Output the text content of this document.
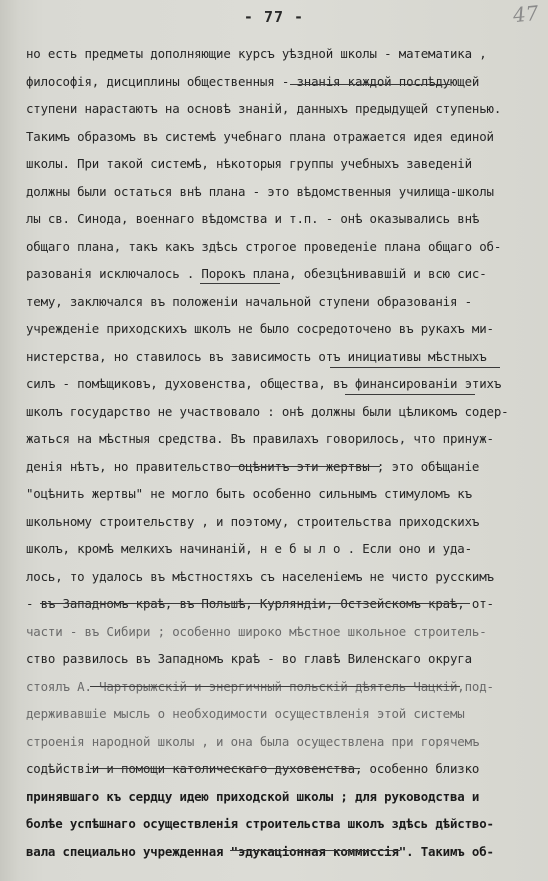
- 77 -	47
но есть предметы дополняющие курсъ уѣздной школы - математика ,
философія, дисциплины общественныя - знанія каждой послѣдующей
ступени нарастаютъ на основѣ знаній, данныхъ предыдущей ступенью.
Такимъ образомъ въ системѣ учебнаго плана отражается идея единой
школы. При такой системѣ, нѣкоторыя группы учебныхъ заведеній
должны были остаться внѣ плана - это вѣдомственныя училища-школы
лы св. Синода, военнаго вѣдомства и т.п. - онѣ оказывались внѣ
общаго плана, такъ какъ здѣсь строгое проведеніе плана общаго об-
разованія исключалось . Порокъ плана, обезцѣнивавшій и всю сис-
тему, заключался въ положеніи начальной ступени образованія -
учрежденіе приходскихъ школъ не было сосредоточено въ рукахъ ми-
нистерства, но ставилось въ зависимость отъ инициативы мѣстныхъ
силъ - помѣщиковъ, духовенства, общества, въ финансированіи этихъ
школъ государство не участвовало : онѣ должны были цѣликомъ содер-
жаться на мѣстныя средства. Въ правилахъ говорилось, что принуж-
денія нѣтъ, но правительство оцѣнитъ эти жертвы ; это обѣщаніе
"оцѣнить жертвы" не могло быть особенно сильнымъ стимуломъ къ
школьному строительству , и поэтому, строительства приходскихъ
школъ, кромѣ мелкихъ начинаній, н е б ы л о . Если оно и уда-
лось, то удалось въ мѣстностяхъ съ населеніемъ не чисто русскимъ
- въ Западномъ краѣ, въ Польшѣ, Курляндіи, Остзейскомъ краѣ, от-
части - въ Сибири ; особенно широко мѣстное школьное строитель-
ство развилось въ Западномъ краѣ - во главѣ Виленскаго округа
стоялъ А. Чарторыжскій и энергичный польскій дѣятель Чацкій,под-
держивавшіе мысль о необходимости осуществленія этой системы
строенія народной школы , и она была осуществлена при горячемъ
содѣйствіи и помощи католическаго духовенства, особенно близко
принявшаго къ сердцу идею приходской школы ; для руководства и
болѣе успѣшнаго осуществленія строительства школъ здѣсь дѣйство-
вала специально учрежденная "эдукаціонная коммиссія". Такимъ об-
